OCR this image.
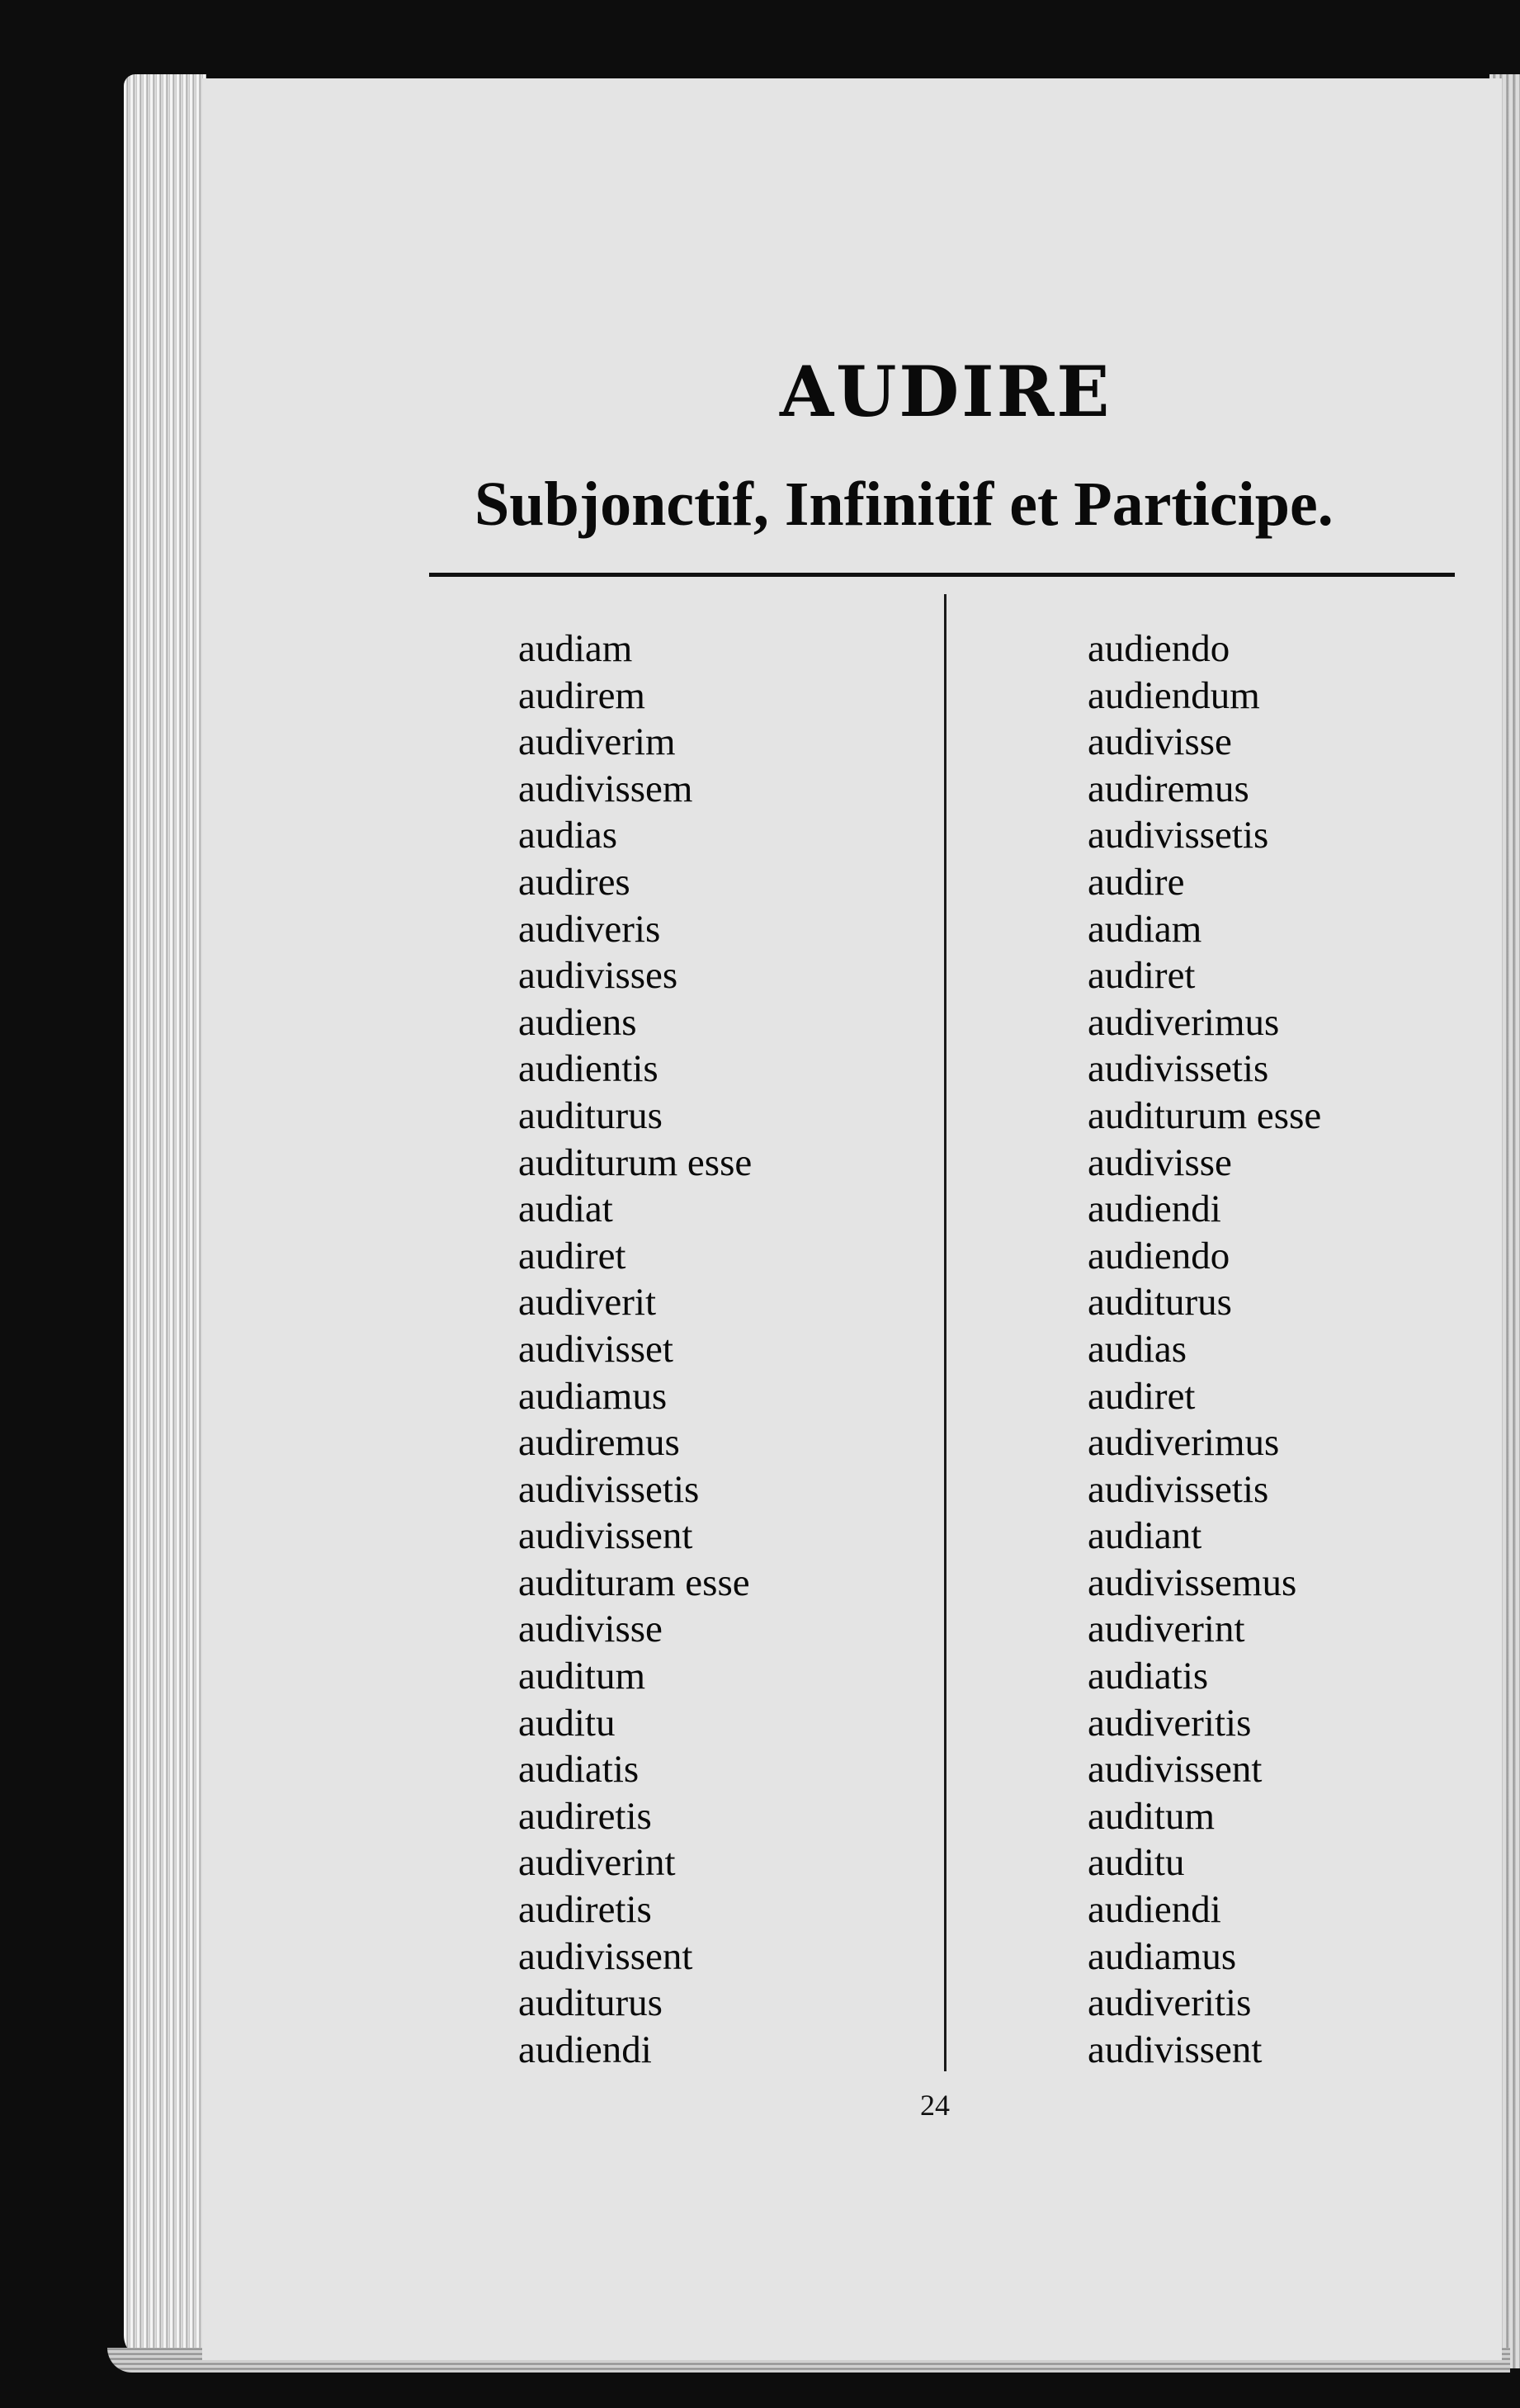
AUDIRE
Subjonctif, Infinitif et Participe.
audiam
audirem
audiverim
audivissem
audias
audires
audiveris
audivisses
audiens
audientis
auditurus
auditurum esse
audiat
audiret
audiverit
audivisset
audiamus
audiremus
audivissetis
audivissent
audituram esse
audivisse
auditum
auditu
audiatis
audiretis
audiverint
audiretis
audivissent
auditurus
audiendi
audiendo
audiendum
audivisse
audiremus
audivissetis
audire
audiam
audiret
audiverimus
audivissetis
auditurum esse
audivisse
audiendi
audiendo
auditurus
audias
audiret
audiverimus
audivissetis
audiant
audivissemus
audiverint
audiatis
audiveritis
audivissent
auditum
auditu
audiendi
audiamus
audiveritis
audivissent
24
